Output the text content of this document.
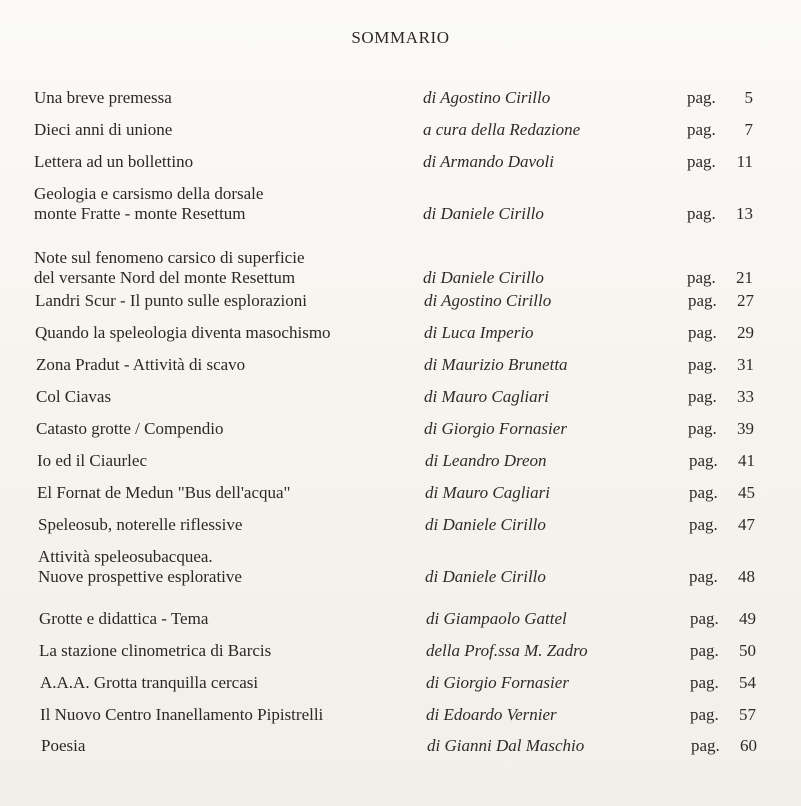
SOMMARIO
Una breve premessa	di Agostino Cirillo	pag. 5
Dieci anni di unione	a cura della Redazione	pag. 7
Lettera ad un bollettino	di Armando Davoli	pag. 11
Geologia e carsismo della dorsale
monte Fratte - monte Resettum	di Daniele Cirillo	pag. 13
Note sul fenomeno carsico di superficie
del versante Nord del monte Resettum	di Daniele Cirillo	pag. 21
Landri Scur - Il punto sulle esplorazioni	di Agostino Cirillo	pag. 27
Quando la speleologia diventa masochismo	di Luca Imperio	pag. 29
Zona Pradut - Attività di scavo	di Maurizio Brunetta	pag. 31
Col Ciavas	di Mauro Cagliari	pag. 33
Catasto grotte / Compendio	di Giorgio Fornasier	pag. 39
Io ed il Ciaurlec	di Leandro Dreon	pag. 41
El Fornat de Medun "Bus dell'acqua"	di Mauro Cagliari	pag. 45
Speleosub, noterelle riflessive	di Daniele Cirillo	pag. 47
Attività speleosubacquea.
Nuove prospettive esplorative	di Daniele Cirillo	pag. 48
Grotte e didattica - Tema	di Giampaolo Gattel	pag. 49
La stazione clinometrica di Barcis	della Prof.ssa M. Zadro	pag. 50
A.A.A. Grotta tranquilla cercasi	di Giorgio Fornasier	pag. 54
Il Nuovo Centro Inanellamento Pipistrelli	di Edoardo Vernier	pag. 57
Poesia	di Gianni Dal Maschio	pag. 60
